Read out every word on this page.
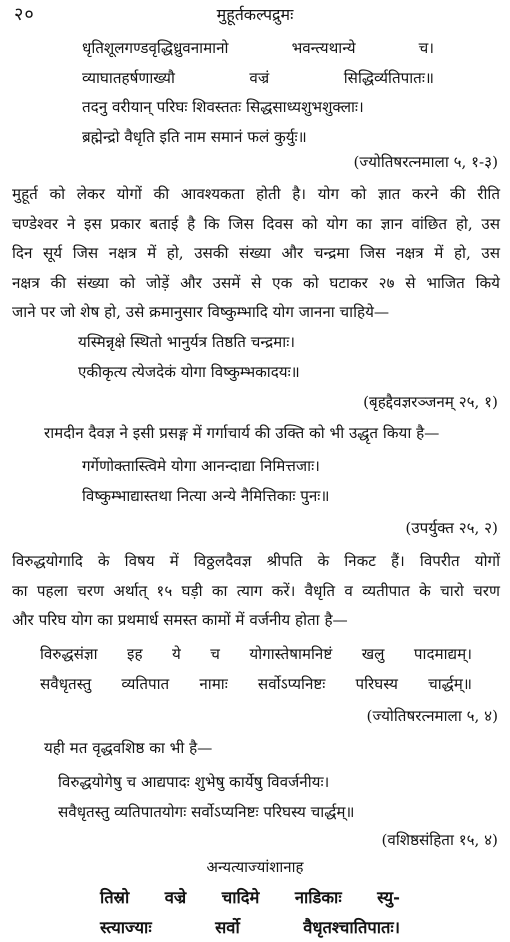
२०	मुहूर्तकल्पद्रुमः
धृतिशूलगण्डवृद्धिध्रुवनामानो	भवन्त्यथान्ये	च।
व्याघातहर्षणाख्यौ	वज्रं	सिद्धिर्व्यतिपातः॥
तदनु वरीयान् परिघः शिवस्ततः सिद्धसाध्यशुभशुक्लाः।
ब्रह्मेन्द्रो वैधृति इति नाम समानं फलं कुर्युः॥
(ज्योतिषरत्नमाला ५, १-३)
मुहूर्त को लेकर योगों की आवश्यकता होती है। योग को ज्ञात करने की रीति
चण्डेश्वर ने इस प्रकार बताई है कि जिस दिवस को योग का ज्ञान वांछित हो, उस
दिन सूर्य जिस नक्षत्र में हो, उसकी संख्या और चन्द्रमा जिस नक्षत्र में हो, उस
नक्षत्र की संख्या को जोड़ें और उसमें से एक को घटाकर २७ से भाजित किये
जाने पर जो शेष हो, उसे क्रमानुसार विष्कुम्भादि योग जानना चाहिये—
यस्मिन्नृक्षे स्थितो भानुर्यत्र तिष्ठति चन्द्रमाः।
एकीकृत्य त्येजदेकं योगा विष्कुम्भकादयः॥
(बृहद्दैवज्ञरञ्जनम् २५, १)
रामदीन दैवज्ञ ने इसी प्रसङ्ग में गर्गाचार्य की उक्ति को भी उद्धृत किया है—
गर्गेणोक्तास्त्विमे योगा आनन्दाद्या निमित्तजाः।
विष्कुम्भाद्यास्तथा नित्या अन्ये नैमित्तिकाः पुनः॥
(उपर्युक्त २५, २)
विरुद्धयोगादि के विषय में विठ्ठलदैवज्ञ श्रीपति के निकट हैं। विपरीत योगों
का पहला चरण अर्थात् १५ घड़ी का त्याग करें। वैधृति व व्यतीपात के चारो चरण
और परिघ योग का प्रथमार्ध समस्त कामों में वर्जनीय होता है—
विरुद्धसंज्ञा इह ये च योगास्तेषामनिष्टं खलु पादमाद्यम्।
सवैधृतस्तु व्यतिपात नामाः सर्वोऽप्यनिष्टः परिघस्य चार्द्धम्॥
(ज्योतिषरत्नमाला ५, ४)
यही मत वृद्धवशिष्ठ का भी है—
विरुद्धयोगेषु च आद्यपादः शुभेषु कार्येषु विवर्जनीयः।
सवैधृतस्तु व्यतिपातयोगः सर्वोऽप्यनिष्टः परिघस्य चार्द्धम्॥
(वशिष्ठसंहिता १५, ४)
अन्यत्याज्यांशानाह
तिस्रो वज्रे चादिमे नाडिकाः स्यु-
स्त्याज्याः	सर्वो	वैधृतश्चातिपातः।
